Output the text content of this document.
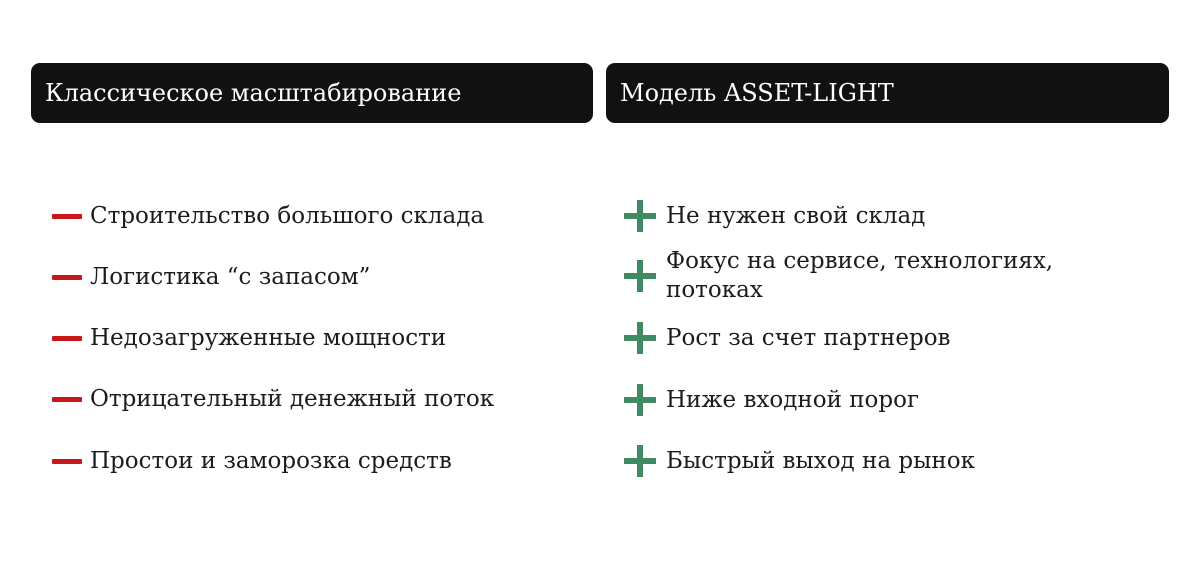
Классическое масштабирование	Модель ASSET-LIGHT
Строительство большого склада
Логистика “с запасом”
Недозагруженные мощности
Отрицательный денежный поток
Простои и заморозка средств
Не нужен свой склад
Фокус на сервисе, технологиях, потоках
Рост за счет партнеров
Ниже входной порог
Быстрый выход на рынок
